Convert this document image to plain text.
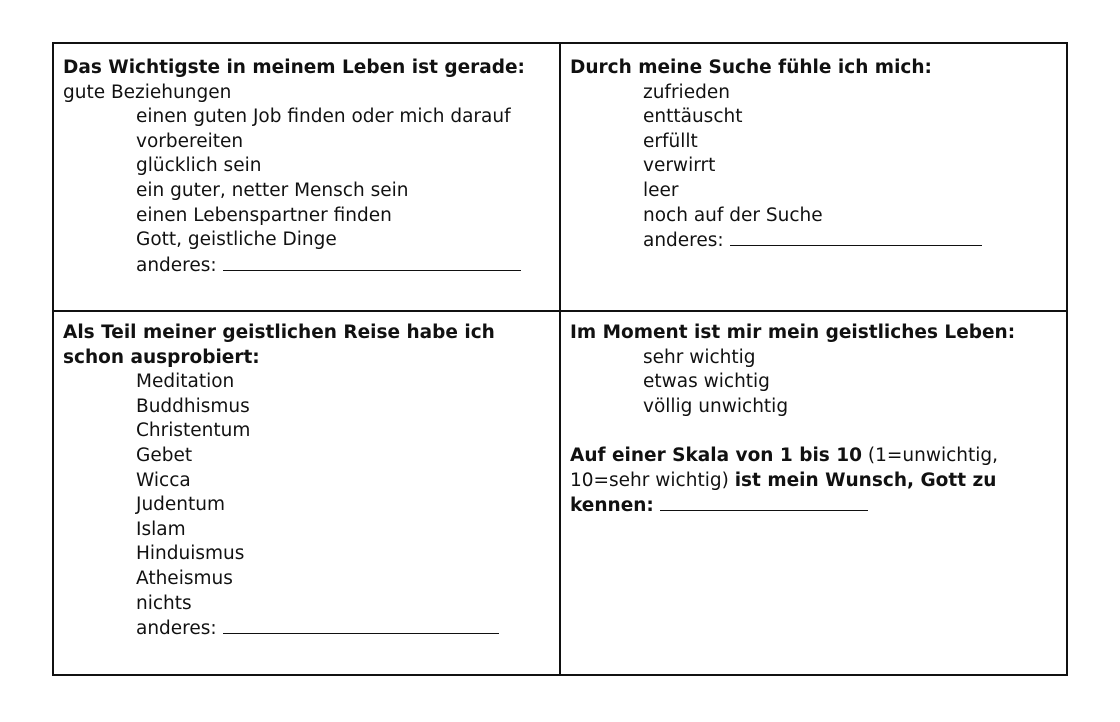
Das Wichtigste in meinem Leben ist gerade:
gute Beziehungen
einen guten Job finden oder mich darauf vorbereiten
glücklich sein
ein guter, netter Mensch sein
einen Lebenspartner finden
Gott, geistliche Dinge
anderes:
Durch meine Suche fühle ich mich:
zufrieden
enttäuscht
erfüllt
verwirrt
leer
noch auf der Suche
anderes:
Als Teil meiner geistlichen Reise habe ich schon ausprobiert:
Meditation
Buddhismus
Christentum
Gebet
Wicca
Judentum
Islam
Hinduismus
Atheismus
nichts
anderes:
Im Moment ist mir mein geistliches Leben:
sehr wichtig
etwas wichtig
völlig unwichtig
Auf einer Skala von 1 bis 10 (1=unwichtig, 10=sehr wichtig) ist mein Wunsch, Gott zu kennen:
